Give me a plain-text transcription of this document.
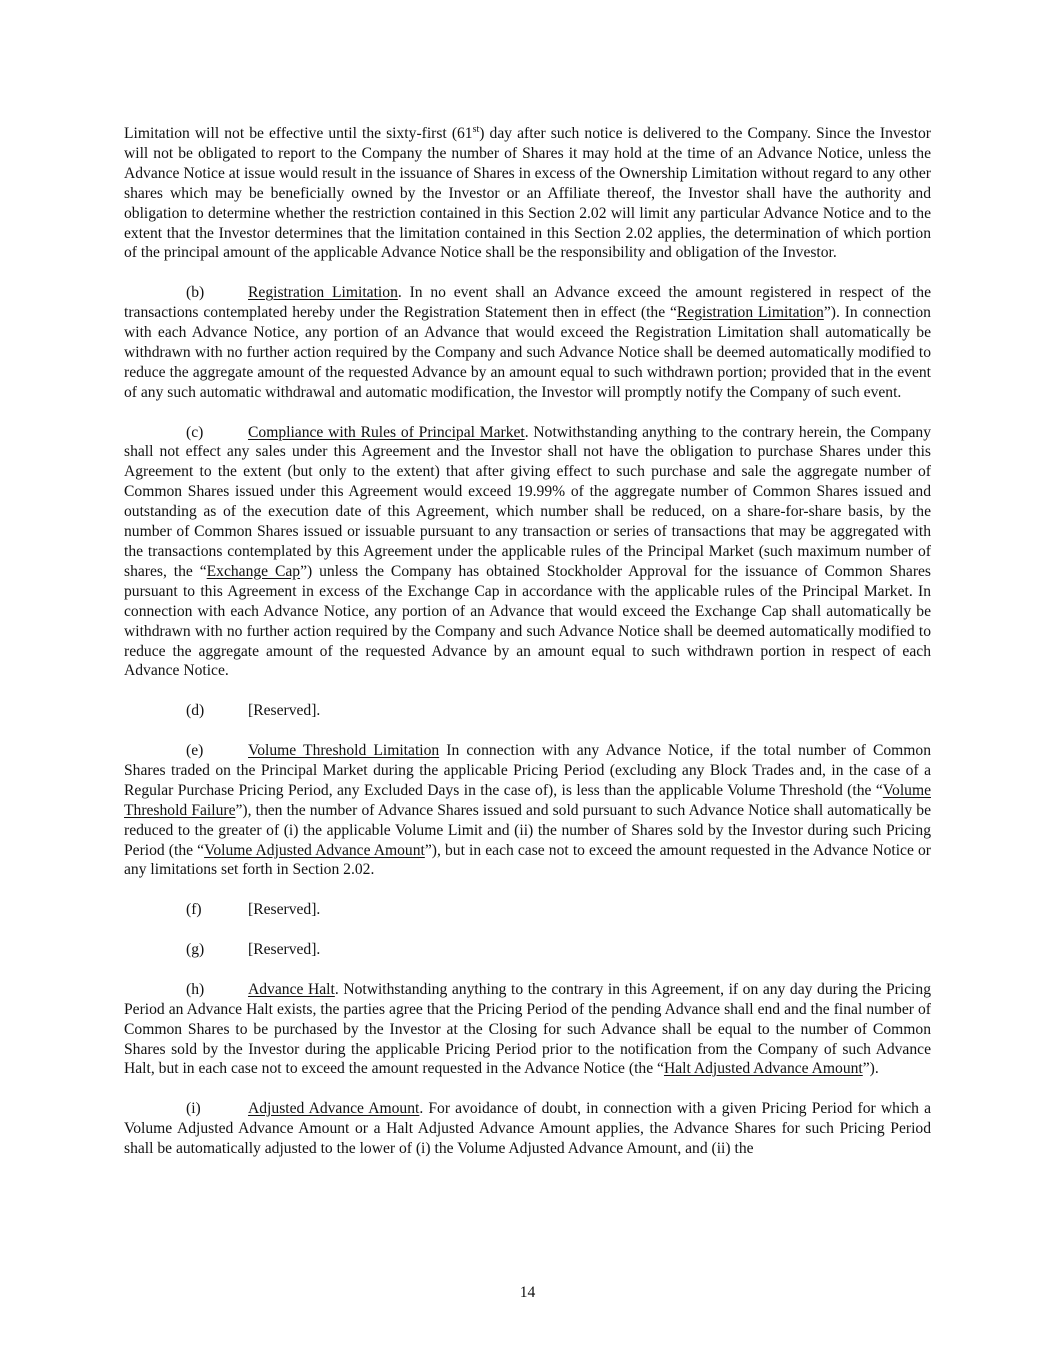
Limitation will not be effective until the sixty-first (61st) day after such notice is delivered to the Company. Since the Investor will not be obligated to report to the Company the number of Shares it may hold at the time of an Advance Notice, unless the Advance Notice at issue would result in the issuance of Shares in excess of the Ownership Limitation without regard to any other shares which may be beneficially owned by the Investor or an Affiliate thereof, the Investor shall have the authority and obligation to determine whether the restriction contained in this Section 2.02 will limit any particular Advance Notice and to the extent that the Investor determines that the limitation contained in this Section 2.02 applies, the determination of which portion of the principal amount of the applicable Advance Notice shall be the responsibility and obligation of the Investor.

(b)	Registration Limitation. In no event shall an Advance exceed the amount registered in respect of the transactions contemplated hereby under the Registration Statement then in effect (the “Registration Limitation”). In connection with each Advance Notice, any portion of an Advance that would exceed the Registration Limitation shall automatically be withdrawn with no further action required by the Company and such Advance Notice shall be deemed automatically modified to reduce the aggregate amount of the requested Advance by an amount equal to such withdrawn portion; provided that in the event of any such automatic withdrawal and automatic modification, the Investor will promptly notify the Company of such event.

(c)	Compliance with Rules of Principal Market. Notwithstanding anything to the contrary herein, the Company shall not effect any sales under this Agreement and the Investor shall not have the obligation to purchase Shares under this Agreement to the extent (but only to the extent) that after giving effect to such purchase and sale the aggregate number of Common Shares issued under this Agreement would exceed 19.99% of the aggregate number of Common Shares issued and outstanding as of the execution date of this Agreement, which number shall be reduced, on a share-for-share basis, by the number of Common Shares issued or issuable pursuant to any transaction or series of transactions that may be aggregated with the transactions contemplated by this Agreement under the applicable rules of the Principal Market (such maximum number of shares, the “Exchange Cap”) unless the Company has obtained Stockholder Approval for the issuance of Common Shares pursuant to this Agreement in excess of the Exchange Cap in accordance with the applicable rules of the Principal Market. In connection with each Advance Notice, any portion of an Advance that would exceed the Exchange Cap shall automatically be withdrawn with no further action required by the Company and such Advance Notice shall be deemed automatically modified to reduce the aggregate amount of the requested Advance by an amount equal to such withdrawn portion in respect of each Advance Notice.

(d)	[Reserved].

(e)	Volume Threshold Limitation In connection with any Advance Notice, if the total number of Common Shares traded on the Principal Market during the applicable Pricing Period (excluding any Block Trades and, in the case of a Regular Purchase Pricing Period, any Excluded Days in the case of), is less than the applicable Volume Threshold (the “Volume Threshold Failure”), then the number of Advance Shares issued and sold pursuant to such Advance Notice shall automatically be reduced to the greater of (i) the applicable Volume Limit and (ii) the number of Shares sold by the Investor during such Pricing Period (the “Volume Adjusted Advance Amount”), but in each case not to exceed the amount requested in the Advance Notice or any limitations set forth in Section 2.02.

(f)	[Reserved].

(g)	[Reserved].

(h)	Advance Halt. Notwithstanding anything to the contrary in this Agreement, if on any day during the Pricing Period an Advance Halt exists, the parties agree that the Pricing Period of the pending Advance shall end and the final number of Common Shares to be purchased by the Investor at the Closing for such Advance shall be equal to the number of Common Shares sold by the Investor during the applicable Pricing Period prior to the notification from the Company of such Advance Halt, but in each case not to exceed the amount requested in the Advance Notice (the “Halt Adjusted Advance Amount”).

(i)	Adjusted Advance Amount. For avoidance of doubt, in connection with a given Pricing Period for which a Volume Adjusted Advance Amount or a Halt Adjusted Advance Amount applies, the Advance Shares for such Pricing Period shall be automatically adjusted to the lower of (i) the Volume Adjusted Advance Amount, and (ii) the

14
